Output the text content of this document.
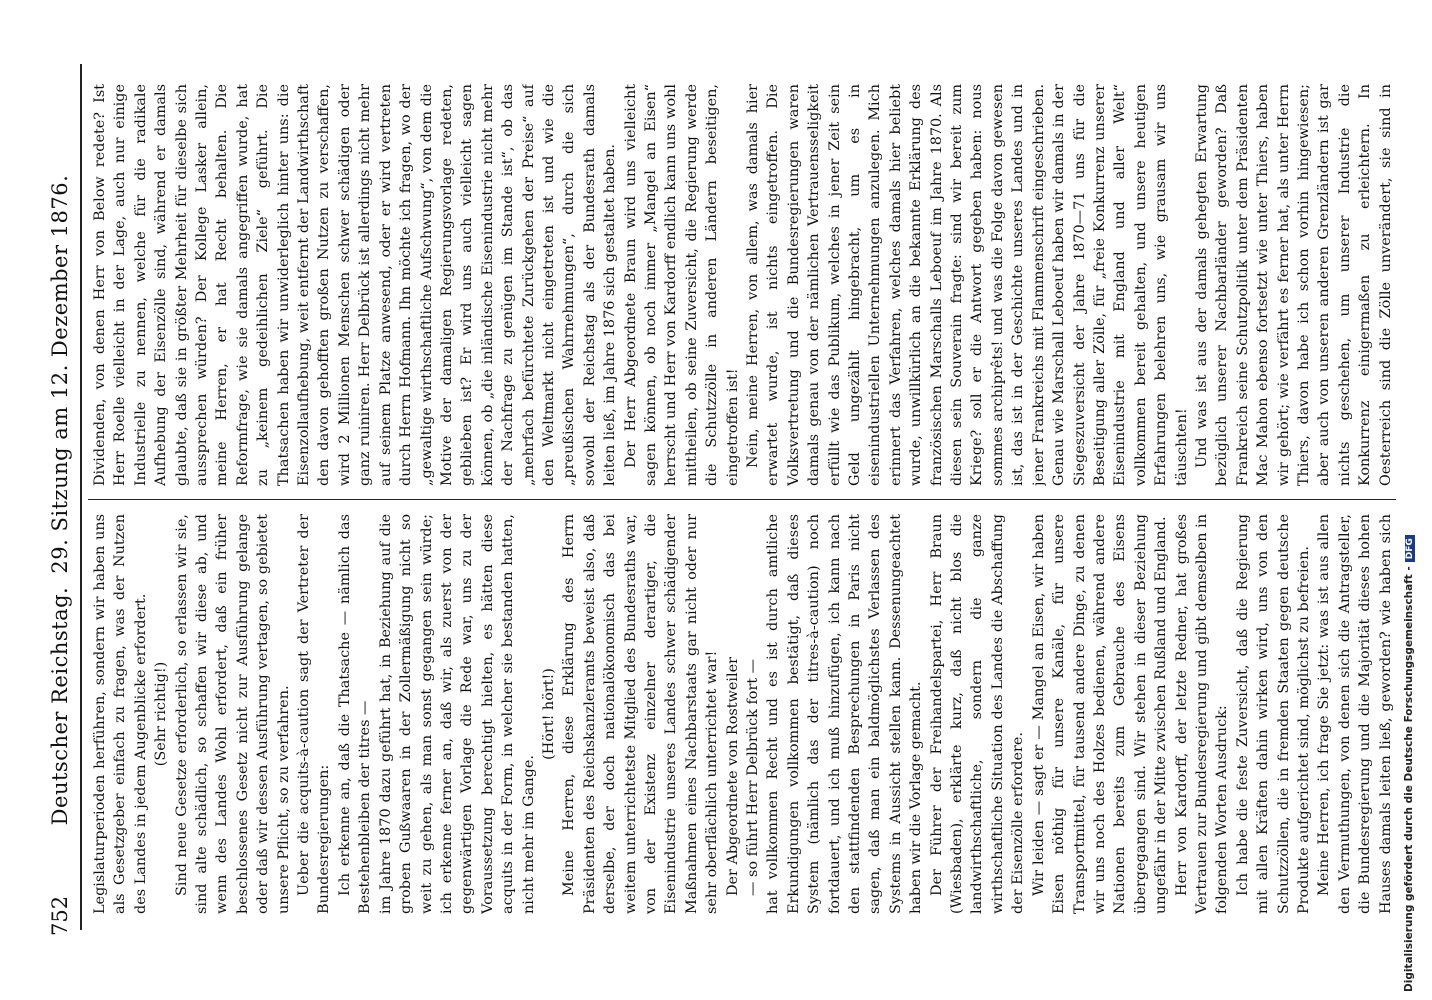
752
Deutscher Reichstag. 29. Sitzung am 12. Dezember 1876.

Legislaturperioden herführen, sondern wir haben uns als Gesetzgeber einfach zu fragen, was der Nutzen des Landes in jedem Augenblicke erfordert. (Sehr richtig!) Sind neue Gesetze erforderlich, so erlassen wir sie, sind alte schädlich, so schaffen wir diese ab, und wenn des Landes Wohl erfordert, daß ein früher beschlossenes Gesetz nicht zur Ausführung gelange oder daß wir dessen Ausführung vertagen, so gebietet unsere Pflicht, so zu verfahren. Ueber die acquits-à-caution sagt der Vertreter der Bundesregierungen: Ich erkenne an, daß die Thatsache — nämlich das Bestehenbleiben der titres — im Jahre 1870 dazu geführt hat, in Beziehung auf die groben Gußwaaren in der Zollermäßigung nicht so weit zu gehen, als man sonst gegangen sein würde; ich erkenne ferner an, daß wir, als zuerst von der gegenwärtigen Vorlage die Rede war, uns zu der Voraussetzung berechtigt hielten, es hätten diese acquits in der Form, in welcher sie bestanden hatten, nicht mehr im Gange.

(Hört! hört!) Meine Herren, diese Erklärung des Herrn Präsidenten des Reichskanzleramts beweist also, daß derselbe, der doch nationalökonomisch das bei weitem unterrichtetste Mitglied des Bundesraths war, von der Existenz einzelner derartiger, die Eisenindustrie unseres Landes schwer schädigender Maßnahmen eines Nachbarstaats gar nicht oder nur sehr oberflächlich unterrichtet war! Der Abgeordnete von Rostweiler — so führt Herr Delbrück fort — hat vollkommen Recht und es ist durch amtliche Erkundigungen vollkommen bestätigt, daß dieses System (nämlich das der titres-à-caution) noch fortdauert, und ich muß hinzufügen, ich kann nach den stattfindenden Besprechungen in Paris nicht sagen, daß man ein baldmöglichstes Verlassen des Systems in Aussicht stellen kann. Dessenungeachtet haben wir die Vorlage gemacht. Der Führer der Freihandelspartei, Herr Braun (Wiesbaden), erklärte kurz, daß nicht blos die landwirthschaftliche, sondern die ganze wirthschaftliche Situation des Landes die Abschaffung der Eisenzölle erfordere. Wir leiden — sagt er — Mangel an Eisen, wir haben Eisen nöthig für unsere Kanäle, für unsere Transportmittel, für tausend andere Dinge, zu denen wir uns noch des Holzes bedienen, während andere Nationen bereits zum Gebrauche des Eisens übergegangen sind. Wir stehen in dieser Beziehung ungefähr in der Mitte zwischen Rußland und England. Herr von Kardorff, der letzte Redner, hat großes Vertrauen zur Bundesregierung und gibt demselben in folgenden Worten Ausdruck: Ich habe die feste Zuversicht, daß die Regierung mit allen Kräften dahin wirken wird, uns von den Schutzzöllen, die in fremden Staaten gegen deutsche Produkte aufgerichtet sind, möglichst zu befreien. Meine Herren, ich frage Sie jetzt: was ist aus allen den Vermuthungen, von denen sich die Antragsteller, die Bundesregierung und die Majorität dieses hohen Hauses damals leiten ließ, geworden? wie haben sich

Dividenden, von denen Herr von Below redete? Ist Herr Roelle vielleicht in der Lage, auch nur einige Industrielle zu nennen, welche für die radikale Aufhebung der Eisenzölle sind, während er damals glaubte, daß sie in größter Mehrheit für dieselbe sich aussprechen würden? Der Kollege Lasker allein, meine Herren, er hat Recht behalten. Die Reformfrage, wie sie damals angegriffen wurde, hat zu „keinem gedeihlichen Ziele“ geführt. Die Thatsachen haben wir unwiderleglich hinter uns: die Eisenzollaufhebung, weit entfernt der Landwirthschaft den davon gehofften großen Nutzen zu verschaffen, wird 2 Millionen Menschen schwer schädigen oder ganz ruiniren. Herr Delbrück ist allerdings nicht mehr auf seinem Platze anwesend, oder er wird vertreten durch Herrn Hofmann. Ihn möchte ich fragen, wo der „gewaltige wirthschaftliche Aufschwung“, von dem die Motive der damaligen Regierungsvorlage redeten, geblieben ist? Er wird uns auch vielleicht sagen können, ob „die inländische Eisenindustrie nicht mehr der Nachfrage zu genügen im Stande ist“, ob das „mehrfach befürchtete Zurückgehen der Preise“ auf den Weltmarkt nicht eingetreten ist und wie die „preußischen Wahrnehmungen“, durch die sich sowohl der Reichstag als der Bundesrath damals leiten ließ, im Jahre 1876 sich gestaltet haben. Der Herr Abgeordnete Braun wird uns vielleicht sagen können, ob noch immer „Mangel an Eisen“ herrscht und Herr von Kardorff endlich kann uns wohl mittheilen, ob seine Zuversicht, die Regierung werde die Schutzzölle in anderen Ländern beseitigen, eingetroffen ist! Nein, meine Herren, von allem, was damals hier erwartet wurde, ist nichts eingetroffen. Die Volksvertretung und die Bundesregierungen waren damals genau von der nämlichen Vertrauensseligkeit erfüllt wie das Publikum, welches in jener Zeit sein Geld ungezählt hingebracht, um es in eisenindustriellen Unternehmungen anzulegen. Mich erinnert das Verfahren, welches damals hier beliebt wurde, unwillkürlich an die bekannte Erklärung des französischen Marschalls Leboeuf im Jahre 1870. Als diesen sein Souverain fragte: sind wir bereit zum Kriege? soll er die Antwort gegeben haben: nous sommes archiprêts! und was die Folge davon gewesen ist, das ist in der Geschichte unseres Landes und in jener Frankreichs mit Flammenschrift eingeschrieben. Genau wie Marschall Leboeuf haben wir damals in der Siegeszuversicht der Jahre 1870—71 uns für die Beseitigung aller Zölle, für „freie Konkurrenz unserer Eisenindustrie mit England und aller Welt“ vollkommen bereit gehalten, und unsere heutigen Erfahrungen belehren uns, wie grausam wir uns täuschten! Und was ist aus der damals gehegten Erwartung bezüglich unserer Nachbarländer geworden? Daß Frankreich seine Schutzpolitik unter dem Präsidenten Mac Mahon ebenso fortsetzt wie unter Thiers, haben wir gehört; wie verfährt es ferner hat, als unter Herrn Thiers, davon habe ich schon vorhin hingewiesen; aber auch von unseren anderen Grenzländern ist gar nichts geschehen, um unserer Industrie die Konkurrenz einigermaßen zu erleichtern. In Oesterreich sind die Zölle unverändert, sie sind in

Digitalisierung gefördert durch die Deutsche Forschungsgemeinschaft -DFG
